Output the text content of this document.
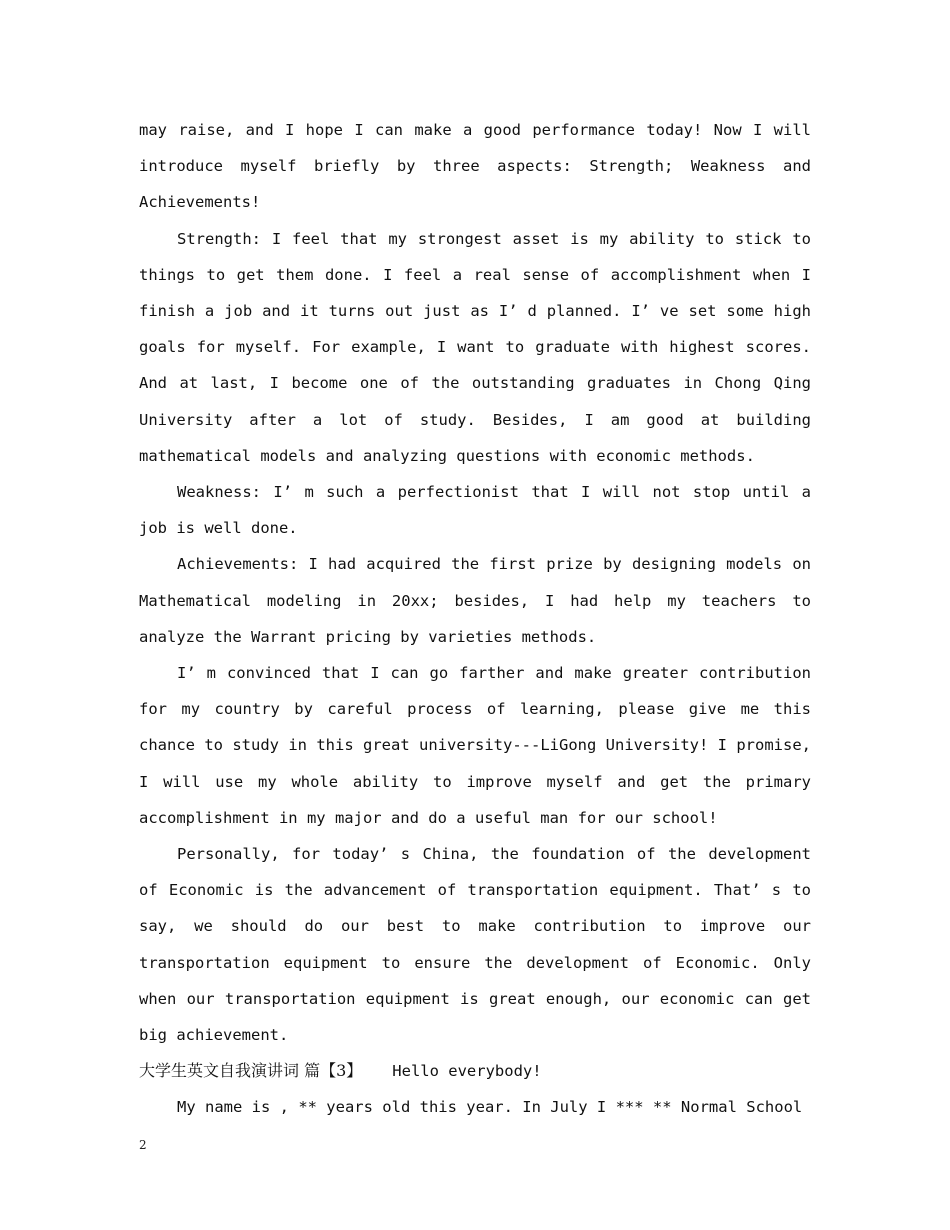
may raise, and I hope I can make a good performance today! Now I will introduce myself briefly by three aspects: Strength; Weakness and Achievements!

Strength: I feel that my strongest asset is my ability to stick to things to get them done. I feel a real sense of accomplishment when I finish a job and it turns out just as I’ d planned. I’ ve set some high goals for myself. For example, I want to graduate with highest scores. And at last, I become one of the outstanding graduates in Chong Qing University after a lot of study. Besides, I am good at building mathematical models and analyzing questions with economic methods.

Weakness: I’ m such a perfectionist that I will not stop until a job is well done.

Achievements: I had acquired the first prize by designing models on Mathematical modeling in 20xx; besides, I had help my teachers to analyze the Warrant pricing by varieties methods.

I’ m convinced that I can go farther and make greater contribution for my country by careful process of learning, please give me this chance to study in this great university---LiGong University! I promise, I will use my whole ability to improve myself and get the primary accomplishment in my major and do a useful man for our school!

Personally, for today’ s China, the foundation of the development of Economic is the advancement of transportation equipment. That’ s to say, we should do our best to make contribution to improve our transportation equipment to ensure the development of Economic. Only when our transportation equipment is great enough, our economic can get big achievement.

大学生英文自我演讲词 篇【3】 Hello everybody!

My name is , ** years old this year. In July I *** ** Normal School

2
